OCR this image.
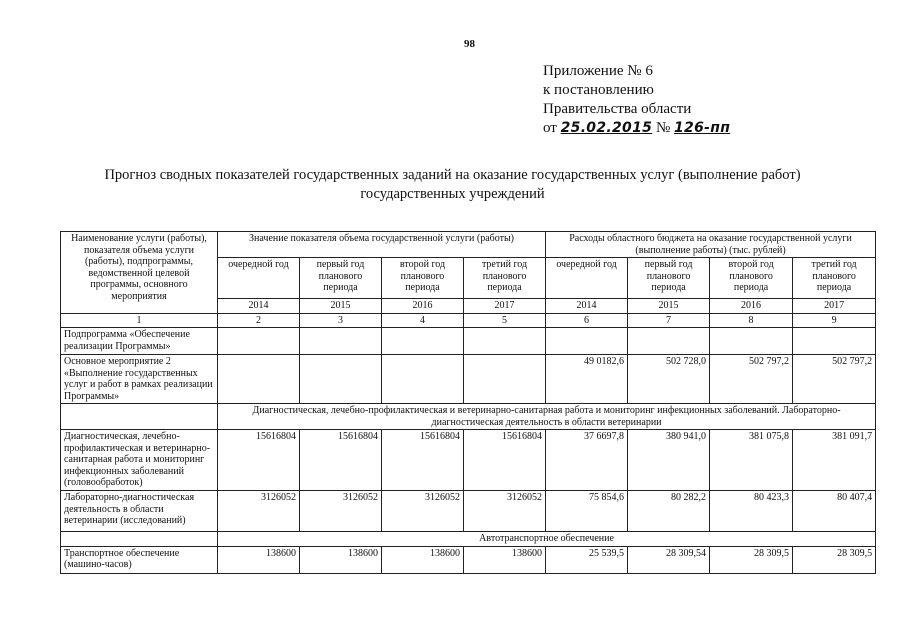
98
Приложение № 6
к постановлению
Правительства области
от 25.02.2015 № 126-пп
Прогноз сводных показателей государственных заданий на оказание государственных услуг (выполнение работ)
государственных учреждений
Наименование услуги (работы), показателя объема услуги (работы), подпрограммы, ведомственной целевой программы, основного мероприятия	Значение показателя объема государственной услуги (работы)				Расходы областного бюджета на оказание государственной услуги (выполнение работы) (тыс. рублей)			
	очередной год	первый год планового периода	второй год планового периода	третий год планового периода	очередной год	первый год планового периода	второй год планового периода	третий год планового периода
	2014	2015	2016	2017	2014	2015	2016	2017
1	2	3	4	5	6	7	8	9
Подпрограмма «Обеспечение реализации Программы»								
Основное мероприятие 2 «Выполнение государственных услуг и работ в рамках реализации Программы»					49 0182,6	502 728,0	502 797,2	502 797,2
	Диагностическая, лечебно-профилактическая и ветеринарно-санитарная работа и мониторинг инфекционных заболеваний. Лабораторно-диагностическая деятельность в области ветеринарии							
Диагностическая, лечебно-профилактическая и ветеринарно-санитарная работа и мониторинг инфекционных заболеваний (головообработок)	15616804	15616804	15616804	15616804	37 6697,8	380 941,0	381 075,8	381 091,7
Лабораторно-диагностическая деятельность в области ветеринарии (исследований)	3126052	3126052	3126052	3126052	75 854,6	80 282,2	80 423,3	80 407,4
	Автотранспортное обеспечение							
Транспортное обеспечение (машино-часов)	138600	138600	138600	138600	25 539,5	28 309,54	28 309,5	28 309,5
